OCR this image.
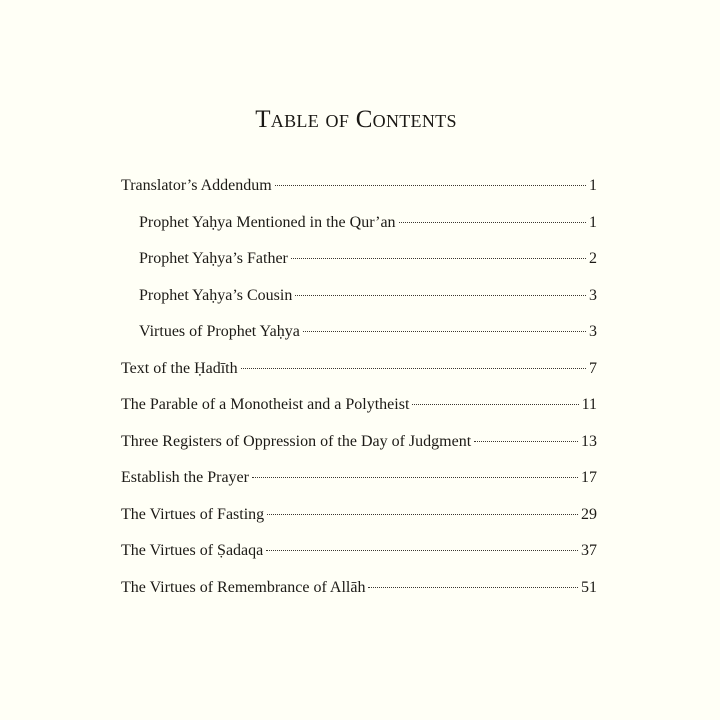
Table of Contents
Translator’s Addendum	1
Prophet Yaḥya Mentioned in the Qur’an	1
Prophet Yaḥya’s Father	2
Prophet Yaḥya’s Cousin	3
Virtues of Prophet Yaḥya	3
Text of the Ḥadīth	7
The Parable of a Monotheist and a Polytheist	11
Three Registers of Oppression of the Day of Judgment	13
Establish the Prayer	17
The Virtues of Fasting	29
The Virtues of Ṣadaqa	37
The Virtues of Remembrance of Allāh	51
